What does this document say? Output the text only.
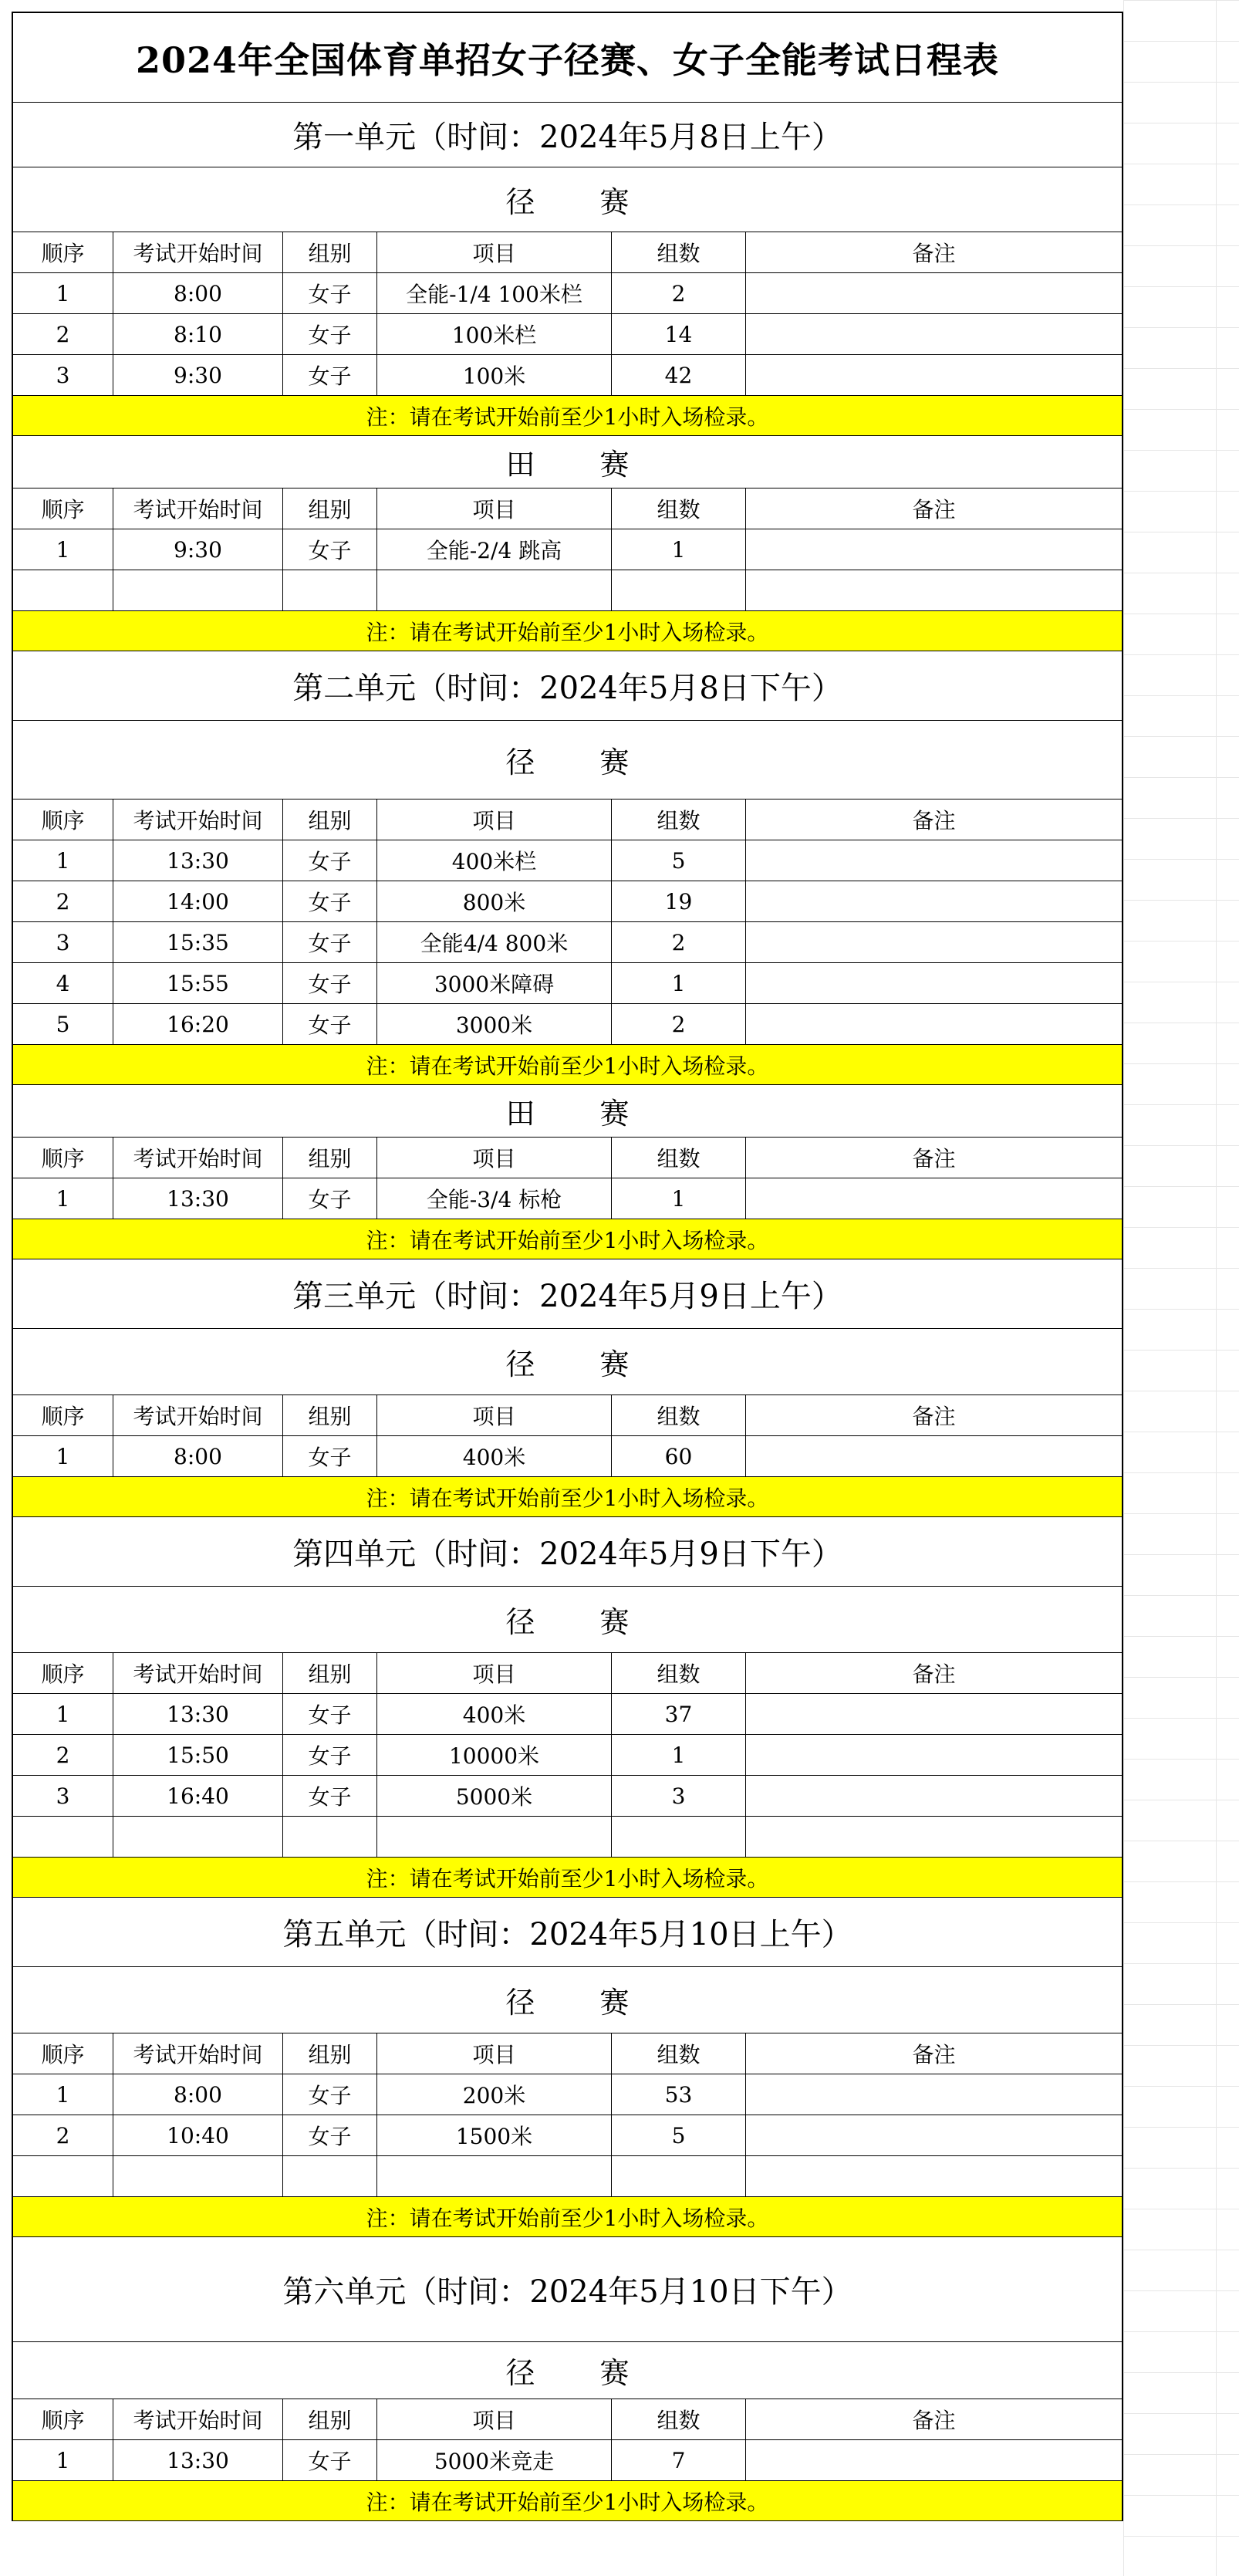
2024年全国体育单招女子径赛、女子全能考试日程表
第一单元（时间：2024年5月8日上午）
径 赛
顺序	考试开始时间	组别	项目	组数	备注
1	8:00	女子	全能-1/4 100米栏	2
2	8:10	女子	100米栏	14
3	9:30	女子	100米	42
注：请在考试开始前至少1小时入场检录。
田 赛
顺序	考试开始时间	组别	项目	组数	备注
1	9:30	女子	全能-2/4 跳高	1
注：请在考试开始前至少1小时入场检录。
第二单元（时间：2024年5月8日下午）
径 赛
顺序	考试开始时间	组别	项目	组数	备注
1	13:30	女子	400米栏	5
2	14:00	女子	800米	19
3	15:35	女子	全能4/4 800米	2
4	15:55	女子	3000米障碍	1
5	16:20	女子	3000米	2
注：请在考试开始前至少1小时入场检录。
田 赛
顺序	考试开始时间	组别	项目	组数	备注
1	13:30	女子	全能-3/4 标枪	1
注：请在考试开始前至少1小时入场检录。
第三单元（时间：2024年5月9日上午）
径 赛
顺序	考试开始时间	组别	项目	组数	备注
1	8:00	女子	400米	60
注：请在考试开始前至少1小时入场检录。
第四单元（时间：2024年5月9日下午）
径 赛
顺序	考试开始时间	组别	项目	组数	备注
1	13:30	女子	400米	37
2	15:50	女子	10000米	1
3	16:40	女子	5000米	3
注：请在考试开始前至少1小时入场检录。
第五单元（时间：2024年5月10日上午）
径 赛
顺序	考试开始时间	组别	项目	组数	备注
1	8:00	女子	200米	53
2	10:40	女子	1500米	5
注：请在考试开始前至少1小时入场检录。
第六单元（时间：2024年5月10日下午）
径 赛
顺序	考试开始时间	组别	项目	组数	备注
1	13:30	女子	5000米竞走	7
注：请在考试开始前至少1小时入场检录。
